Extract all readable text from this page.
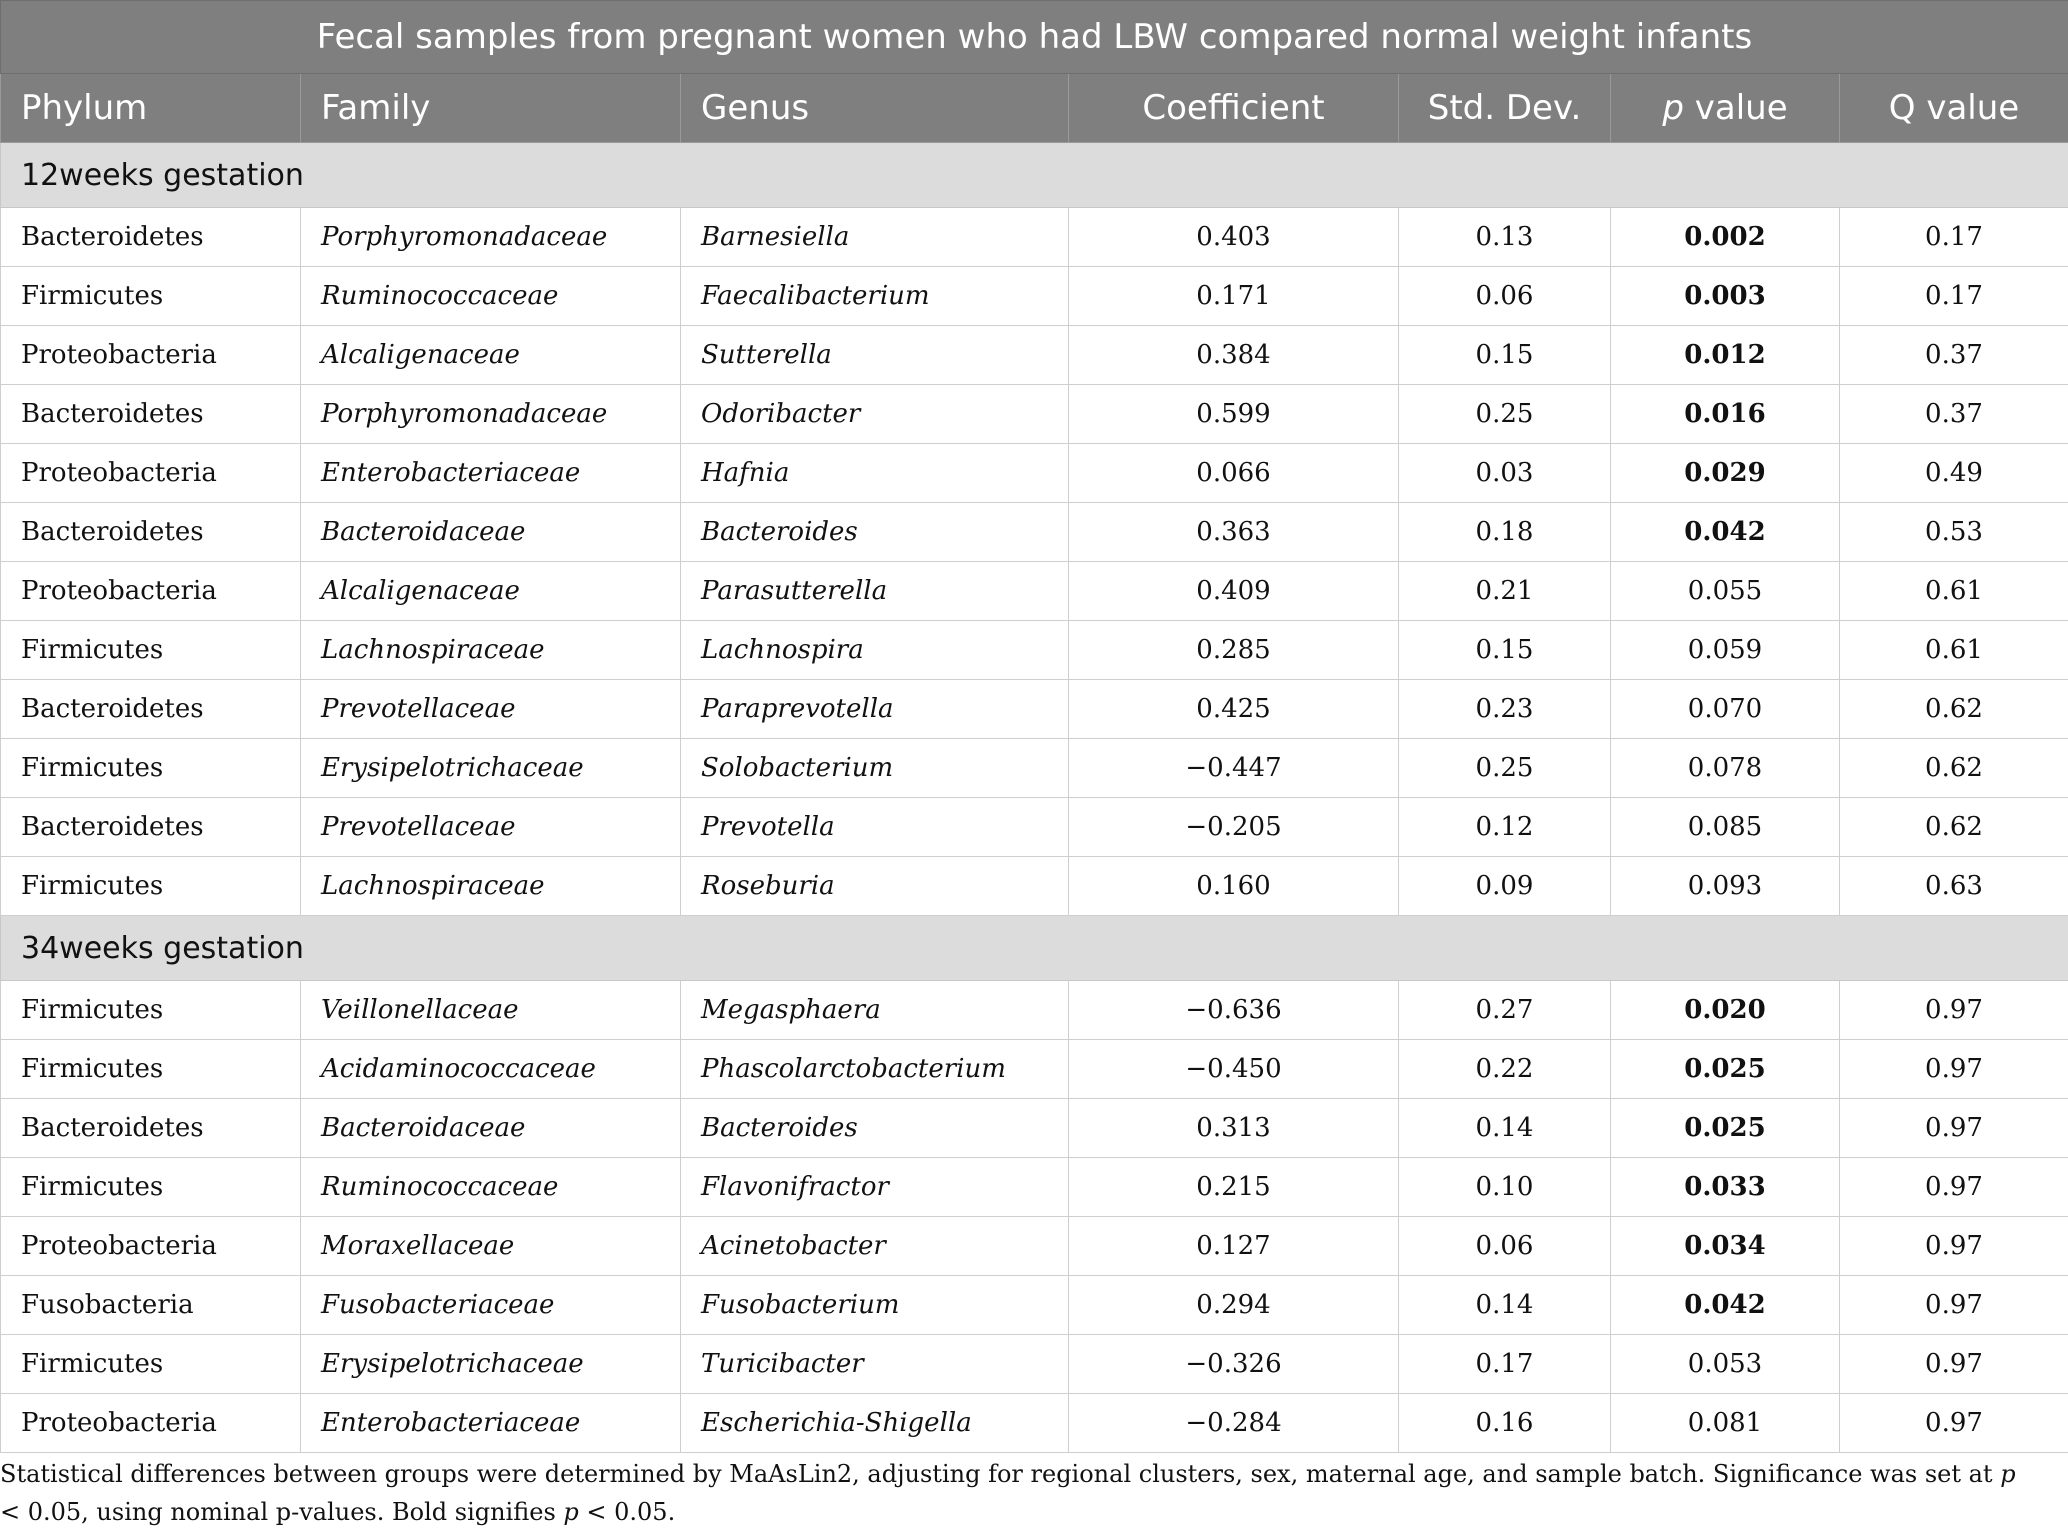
Fecal samples from pregnant women who had LBW compared normal weight infants						
Phylum	Family	Genus	Coefficient	Std. Dev.	p value	Q value
12weeks gestation						
Bacteroidetes	Porphyromonadaceae	Barnesiella	0.403	0.13	0.002	0.17
Firmicutes	Ruminococcaceae	Faecalibacterium	0.171	0.06	0.003	0.17
Proteobacteria	Alcaligenaceae	Sutterella	0.384	0.15	0.012	0.37
Bacteroidetes	Porphyromonadaceae	Odoribacter	0.599	0.25	0.016	0.37
Proteobacteria	Enterobacteriaceae	Hafnia	0.066	0.03	0.029	0.49
Bacteroidetes	Bacteroidaceae	Bacteroides	0.363	0.18	0.042	0.53
Proteobacteria	Alcaligenaceae	Parasutterella	0.409	0.21	0.055	0.61
Firmicutes	Lachnospiraceae	Lachnospira	0.285	0.15	0.059	0.61
Bacteroidetes	Prevotellaceae	Paraprevotella	0.425	0.23	0.070	0.62
Firmicutes	Erysipelotrichaceae	Solobacterium	−0.447	0.25	0.078	0.62
Bacteroidetes	Prevotellaceae	Prevotella	−0.205	0.12	0.085	0.62
Firmicutes	Lachnospiraceae	Roseburia	0.160	0.09	0.093	0.63
34weeks gestation						
Firmicutes	Veillonellaceae	Megasphaera	−0.636	0.27	0.020	0.97
Firmicutes	Acidaminococcaceae	Phascolarctobacterium	−0.450	0.22	0.025	0.97
Bacteroidetes	Bacteroidaceae	Bacteroides	0.313	0.14	0.025	0.97
Firmicutes	Ruminococcaceae	Flavonifractor	0.215	0.10	0.033	0.97
Proteobacteria	Moraxellaceae	Acinetobacter	0.127	0.06	0.034	0.97
Fusobacteria	Fusobacteriaceae	Fusobacterium	0.294	0.14	0.042	0.97
Firmicutes	Erysipelotrichaceae	Turicibacter	−0.326	0.17	0.053	0.97
Proteobacteria	Enterobacteriaceae	Escherichia-Shigella	−0.284	0.16	0.081	0.97
Statistical differences between groups were determined by MaAsLin2, adjusting for regional clusters, sex, maternal age, and sample batch. Significance was set at p < 0.05, using nominal p-values. Bold signifies p < 0.05.
